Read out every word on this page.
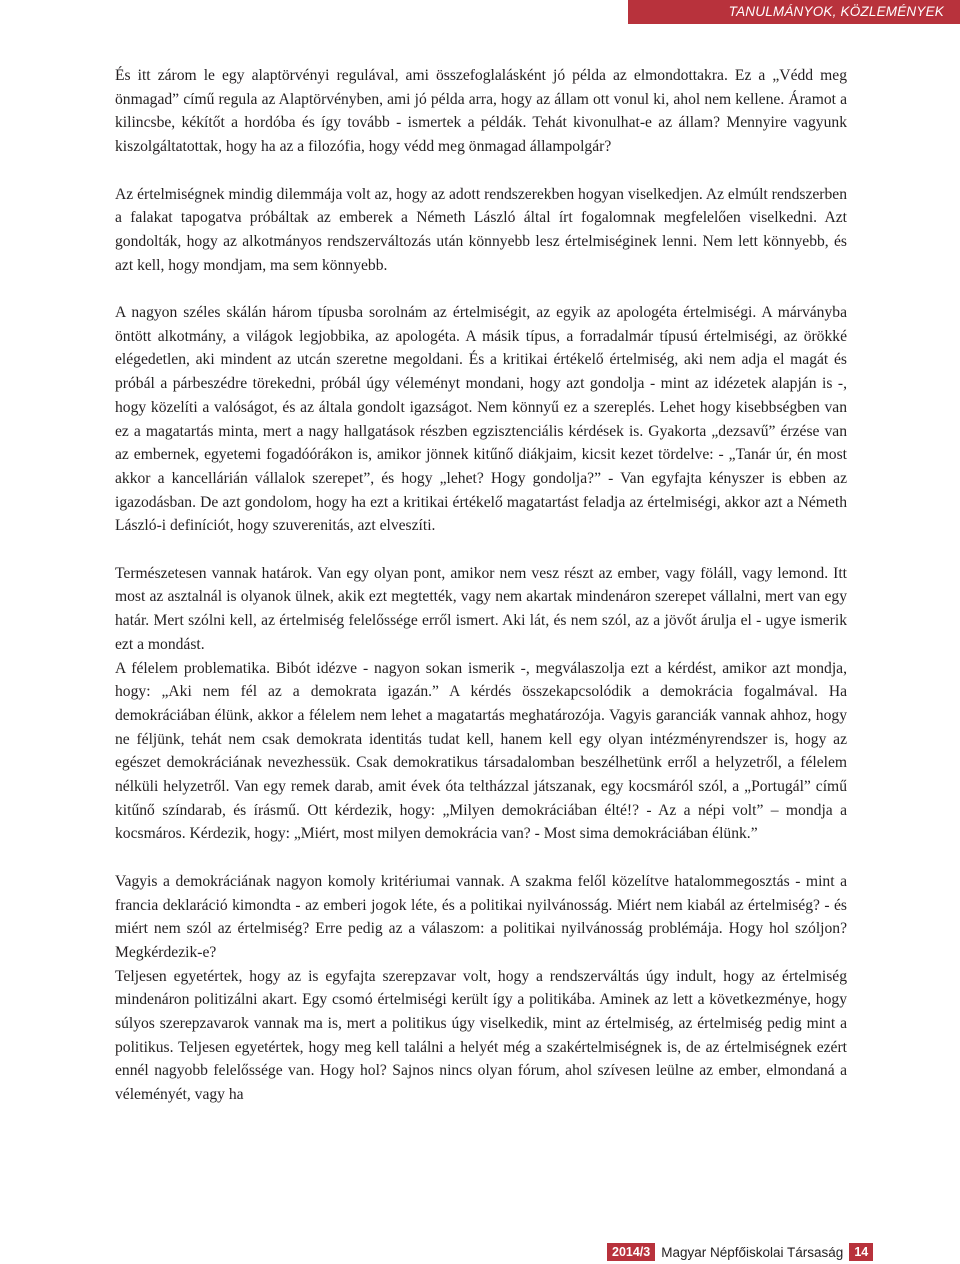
TANULMÁNYOK, KÖZLEMÉNYEK

És itt zárom le egy alaptörvényi regulával, ami összefoglalásként jó példa az elmondottakra. Ez a „Védd meg önmagad” című regula az Alaptörvényben, ami jó példa arra, hogy az állam ott vonul ki, ahol nem kellene. Áramot a kilincsbe, kékítőt a hordóba és így tovább - ismertek a példák. Tehát kivonulhat-e az állam? Mennyire vagyunk kiszolgáltatottak, hogy ha az a filozófia, hogy védd meg önmagad állampolgár?

Az értelmiségnek mindig dilemmája volt az, hogy az adott rendszerekben hogyan viselkedjen. Az elmúlt rendszerben a falakat tapogatva próbáltak az emberek a Németh László által írt fogalomnak megfelelően viselkedni. Azt gondolták, hogy az alkotmányos rendszerváltozás után könnyebb lesz értelmiséginek lenni. Nem lett könnyebb, és azt kell, hogy mondjam, ma sem könnyebb.

A nagyon széles skálán három típusba sorolnám az értelmiségit, az egyik az apologéta értelmiségi. A márványba öntött alkotmány, a világok legjobbika, az apologéta. A másik típus, a forradalmár típusú értelmiségi, az örökké elégedetlen, aki mindent az utcán szeretne megoldani. És a kritikai értékelő értelmiség, aki nem adja el magát és próbál a párbeszédre törekedni, próbál úgy véleményt mondani, hogy azt gondolja - mint az idézetek alapján is -, hogy közelíti a valóságot, és az általa gondolt igazságot. Nem könnyű ez a szereplés. Lehet hogy kisebbségben van ez a magatartás minta, mert a nagy hallgatások részben egzisztenciális kérdések is. Gyakorta „dezsavű” érzése van az embernek, egyetemi fogadóórákon is, amikor jönnek kitűnő diákjaim, kicsit kezet tördelve: - „Tanár úr, én most akkor a kancellárián vállalok szerepet”, és hogy „lehet? Hogy gondolja?” - Van egyfajta kényszer is ebben az igazodásban. De azt gondolom, hogy ha ezt a kritikai értékelő magatartást feladja az értelmiségi, akkor azt a Németh László-i definíciót, hogy szuverenitás, azt elveszíti.

Természetesen vannak határok. Van egy olyan pont, amikor nem vesz részt az ember, vagy föláll, vagy lemond. Itt most az asztalnál is olyanok ülnek, akik ezt megtették, vagy nem akartak mindenáron szerepet vállalni, mert van egy határ. Mert szólni kell, az értelmiség felelőssége erről ismert. Aki lát, és nem szól, az a jövőt árulja el - ugye ismerik ezt a mondást.

A félelem problematika. Bibót idézve - nagyon sokan ismerik -, megválaszolja ezt a kérdést, amikor azt mondja, hogy: „Aki nem fél az a demokrata igazán.” A kérdés összekapcsolódik a demokrácia fogalmával. Ha demokráciában élünk, akkor a félelem nem lehet a magatartás meghatározója. Vagyis garanciák vannak ahhoz, hogy ne féljünk, tehát nem csak demokrata identitás tudat kell, hanem kell egy olyan intézményrendszer is, hogy az egészet demokráciának nevezhessük. Csak demokratikus társadalomban beszélhetünk erről a helyzetről, a félelem nélküli helyzetről. Van egy remek darab, amit évek óta teltházzal játszanak, egy kocsmáról szól, a „Portugál” című kitűnő színdarab, és írásmű. Ott kérdezik, hogy: „Milyen demokráciában élté!? - Az a népi volt” – mondja a kocsmáros. Kérdezik, hogy: „Miért, most milyen demokrácia van? - Most sima demokráciában élünk.”

Vagyis a demokráciának nagyon komoly kritériumai vannak. A szakma felől közelítve hatalommegosztás - mint a francia deklaráció kimondta - az emberi jogok léte, és a politikai nyilvánosság. Miért nem kiabál az értelmiség? - és miért nem szól az értelmiség? Erre pedig az a válaszom: a politikai nyilvánosság problémája. Hogy hol szóljon? Megkérdezik-e?

Teljesen egyetértek, hogy az is egyfajta szerepzavar volt, hogy a rendszerváltás úgy indult, hogy az értelmiség mindenáron politizálni akart. Egy csomó értelmiségi került így a politikába. Aminek az lett a következménye, hogy súlyos szerepzavarok vannak ma is, mert a politikus úgy viselkedik, mint az értelmiség, az értelmiség pedig mint a politikus. Teljesen egyetértek, hogy meg kell találni a helyét még a szakértelmiségnek is, de az értelmiségnek ezért ennél nagyobb felelőssége van. Hogy hol? Sajnos nincs olyan fórum, ahol szívesen leülne az ember, elmondaná a véleményét, vagy ha

2014/3 Magyar Népfőiskolai Társaság 14
